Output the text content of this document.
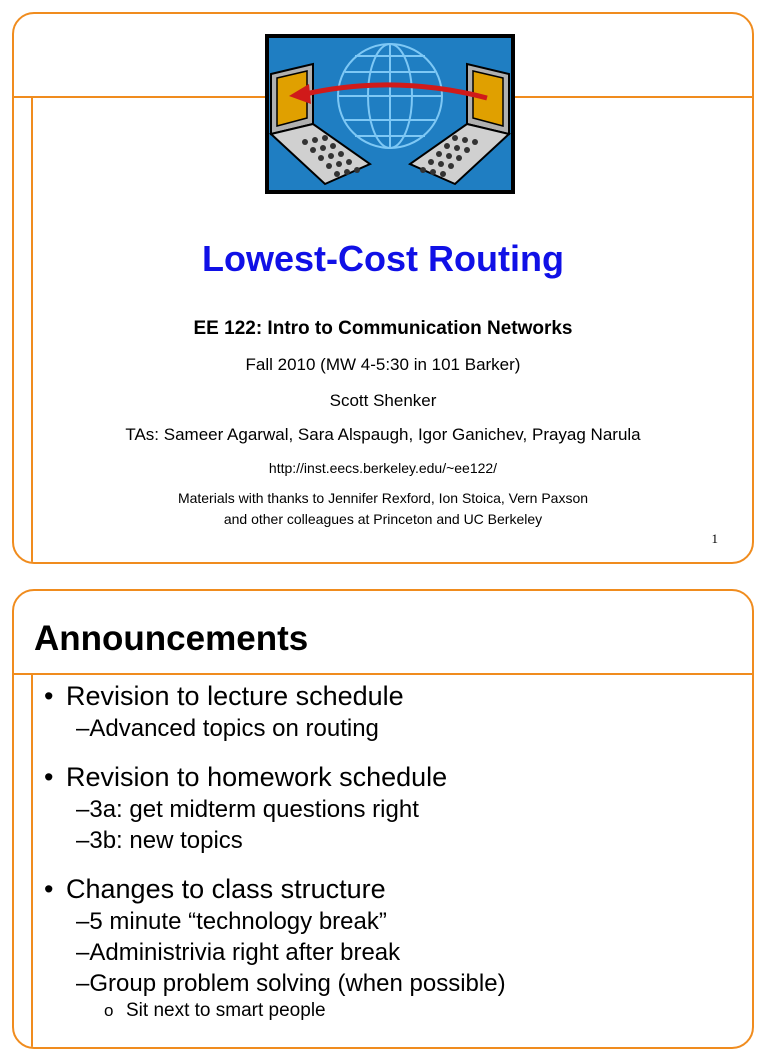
Lowest-Cost Routing
EE 122: Intro to Communication Networks
Fall 2010 (MW 4-5:30 in 101 Barker)
Scott Shenker
TAs: Sameer Agarwal, Sara Alspaugh, Igor Ganichev, Prayag Narula
http://inst.eecs.berkeley.edu/~ee122/
Materials with thanks to Jennifer Rexford, Ion Stoica, Vern Paxson
and other colleagues at Princeton and UC Berkeley
1
Announcements
• Revision to lecture schedule
–Advanced topics on routing
• Revision to homework schedule
–3a: get midterm questions right
–3b: new topics
• Changes to class structure
–5 minute “technology break”
–Administrivia right after break
–Group problem solving (when possible)
o Sit next to smart people
